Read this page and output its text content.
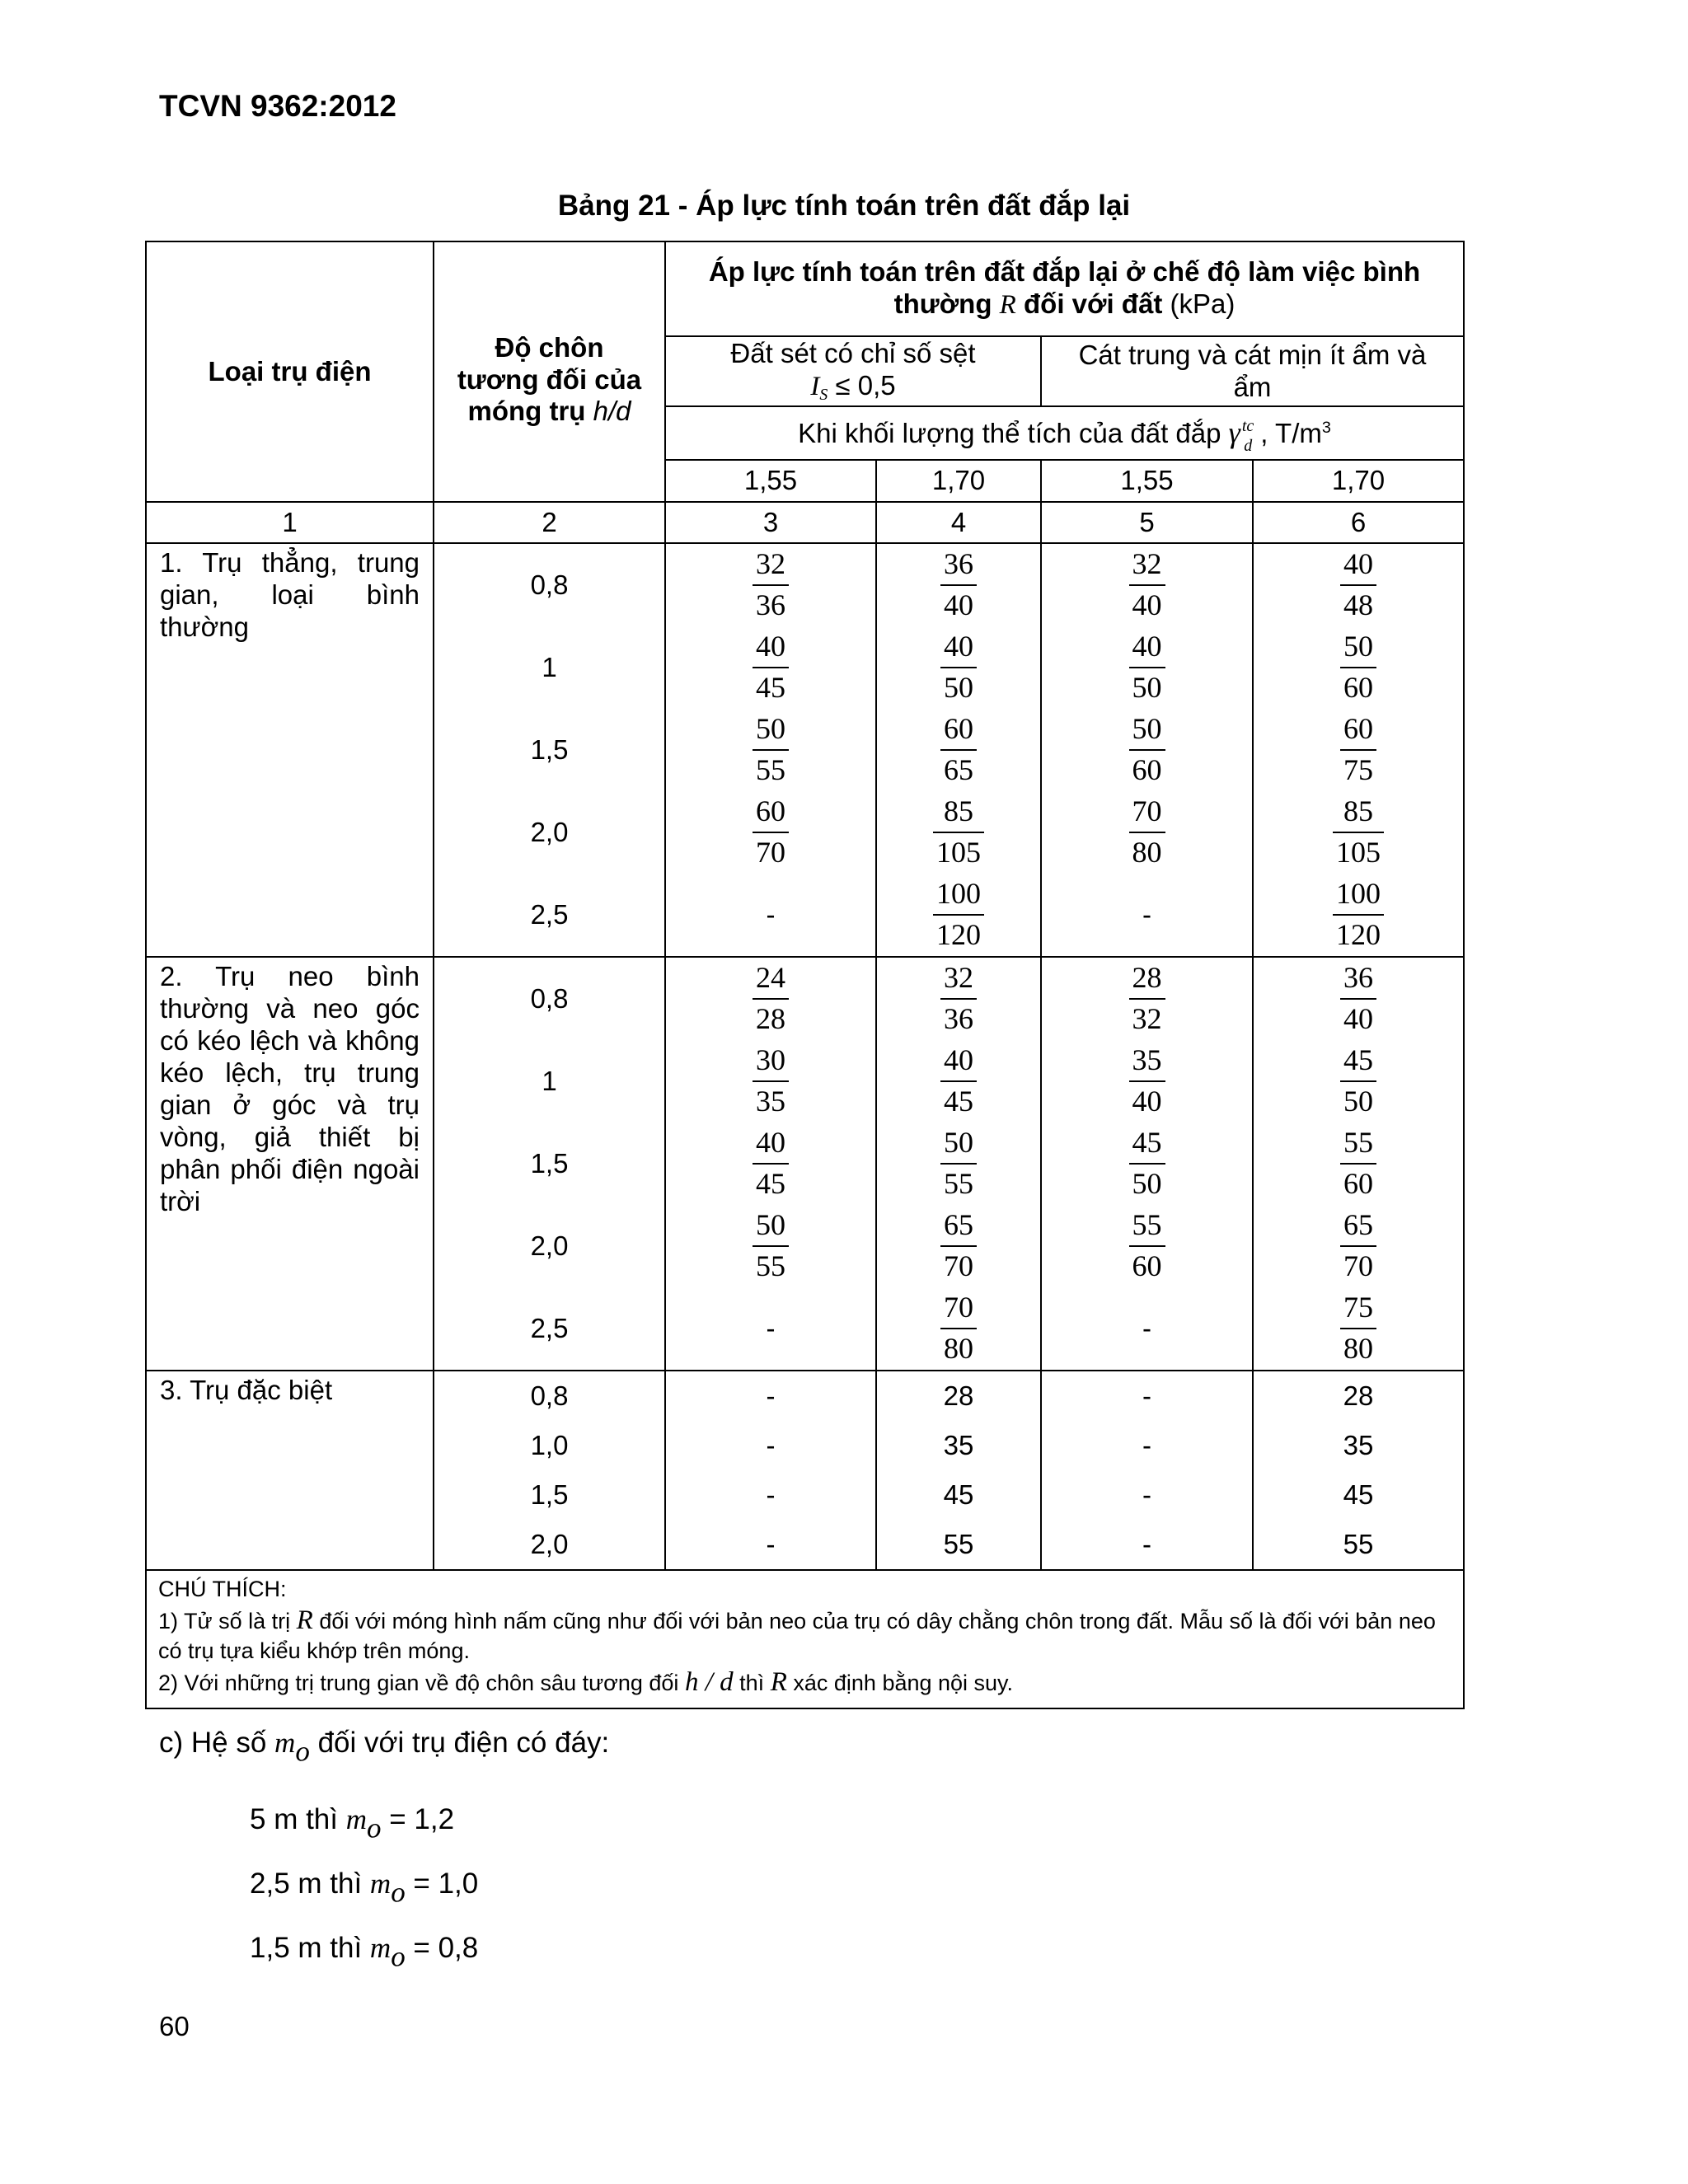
TCVN 9362:2012
Bảng 21 - Áp lực tính toán trên đất đắp lại
Loại trụ điện	Độ chôn
tương đối của
móng trụ h/d	Áp lực tính toán trên đất đắp lại ở chế độ làm việc bình
thường R đối với đất (kPa)			
		Đất sét có chỉ số sệt
$I_S \le 0,5$		Cát trung và cát mịn ít ẩm và
ẩm	
		Khi khối lượng thể tích của đất đắp γ $^{tc}_d$ , $T/m^3$
		1,55	1,70	1,55	1,70
1	2	3	4	5	6
1. Trụ thẳng, trung gian, loại bình thường	0,8	$\frac{32}{36}$	$\frac{36}{40}$	$\frac{32}{40}$	$\frac{40}{48}$

	1	$\frac{40}{45}$	$\frac{40}{50}$	$\frac{40}{50}$	$\frac{50}{60}$

	1,5	$\frac{50}{55}$	$\frac{60}{65}$	$\frac{50}{60}$	$\frac{60}{75}$

	2,0	$\frac{60}{70}$	$\frac{85}{105}$	$\frac{70}{80}$	$\frac{85}{105}$

	2,5	-	$\frac{100}{120}$	-	$\frac{100}{120}$

2. Trụ neo bình thường và neo góc có kéo lệch và không kéo lệch, trụ trung gian ở góc và trụ vòng, giả thiết bị phân phối điện ngoài trời	0,8	$\frac{24}{28}$	$\frac{32}{36}$	$\frac{28}{32}$	$\frac{36}{40}$

	1	$\frac{30}{35}$	$\frac{40}{45}$	$\frac{35}{40}$	$\frac{45}{50}$

	1,5	$\frac{40}{45}$	$\frac{50}{55}$	$\frac{45}{50}$	$\frac{55}{60}$

	2,0	$\frac{50}{55}$	$\frac{65}{70}$	$\frac{55}{60}$	$\frac{65}{70}$

	2,5	-	$\frac{70}{80}$	-	$\frac{75}{80}$

3. Trụ đặc biệt	0,8	-	28	-	28
	1,0	-	35	-	35
	1,5	-	45	-	45
	2,0	-	55	-	55

CHÚ THÍCH:
1) Tử số là trị R đối với móng hình nấm cũng như đối với bản neo của trụ có dây chằng chôn trong đất. Mẫu số là đối với bản neo có trụ tựa kiểu khớp trên móng.
2) Với những trị trung gian về độ chôn sâu tương đối h / d thì R xác định bằng nội suy.					
c) Hệ số mo đối với trụ điện có đáy:
5 m thì mo = 1,2
2,5 m thì mo = 1,0
1,5 m thì mo = 0,8
60
